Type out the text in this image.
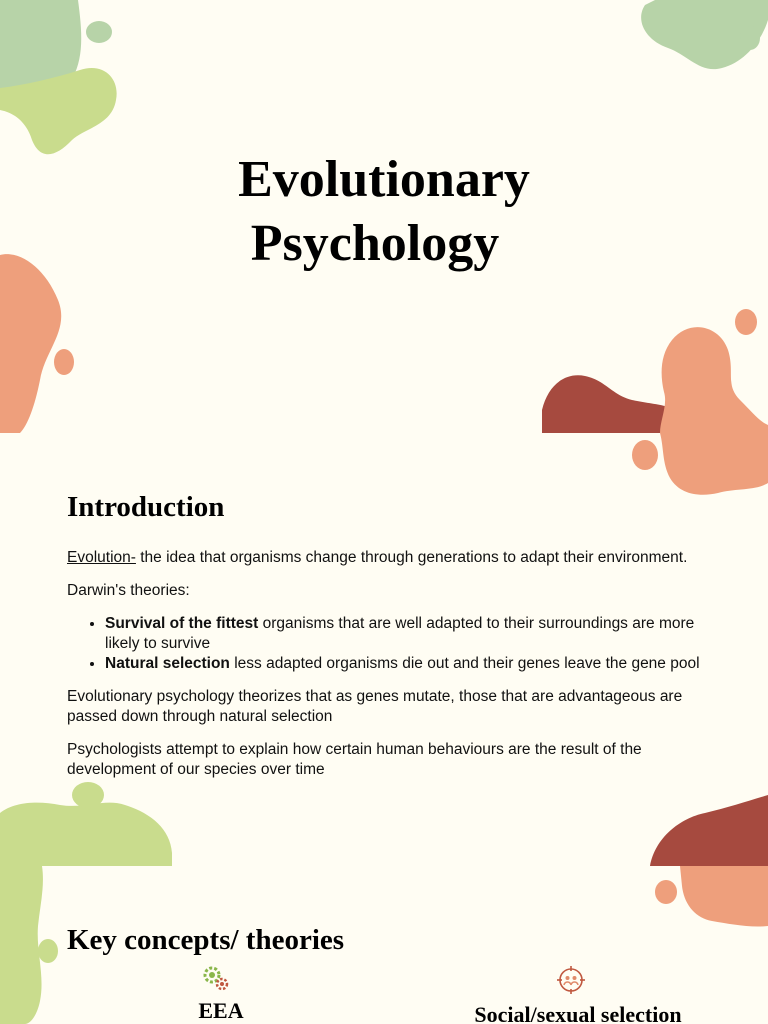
Evolutionary
Psychology
Introduction

Evolution- the idea that organisms change through generations to adapt their environment.

Darwin's theories:

• Survival of the fittest organisms that are well adapted to their surroundings are more likely to survive
• Natural selection less adapted organisms die out and their genes leave the gene pool

Evolutionary psychology theorizes that as genes mutate, those that are advantageous are passed down through natural selection

Psychologists attempt to explain how certain human behaviours are the result of the development of our species over time

Key concepts/ theories
EEA	Social/sexual selection
